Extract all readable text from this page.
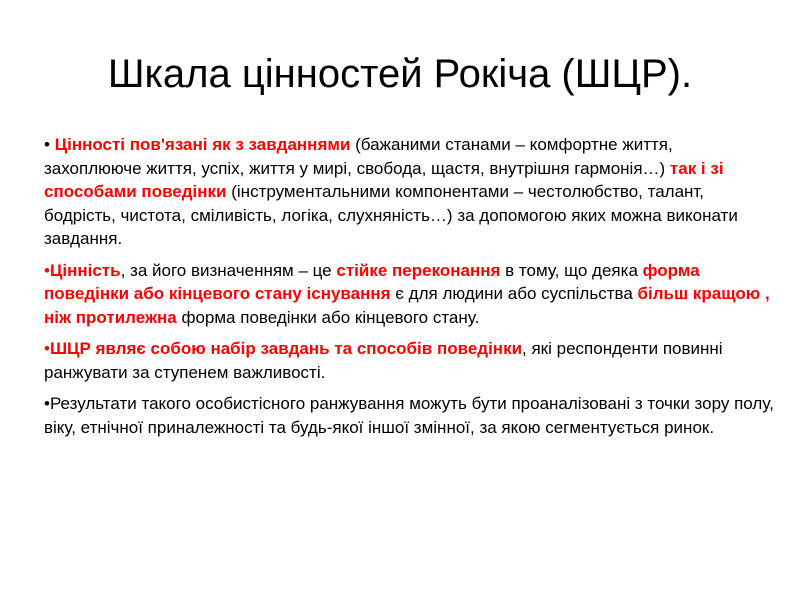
Шкала цінностей Рокіча (ШЦР).

• Цінності пов'язані як з завданнями (бажаними станами – комфортне життя, захоплююче життя, успіх, життя у мирі, свобода, щастя, внутрішня гармонія…) так і зі способами поведінки (інструментальними компонентами – честолюбство, талант, бодрість, чистота, сміливість, логіка, слухняність…) за допомогою яких можна виконати завдання.

•Цінність, за його визначенням – це стійке переконання в тому, що деяка форма поведінки або кінцевого стану існування є для людини або суспільства більш кращою , ніж протилежна форма поведінки або кінцевого стану.

•ШЦР являє собою набір завдань та способів поведінки, які респонденти повинні ранжувати за ступенем важливості.

•Результати такого особистісного ранжування можуть бути проаналізовані з точки зору полу, віку, етнічної приналежності та будь-якої іншої змінної, за якою сегментується ринок.
